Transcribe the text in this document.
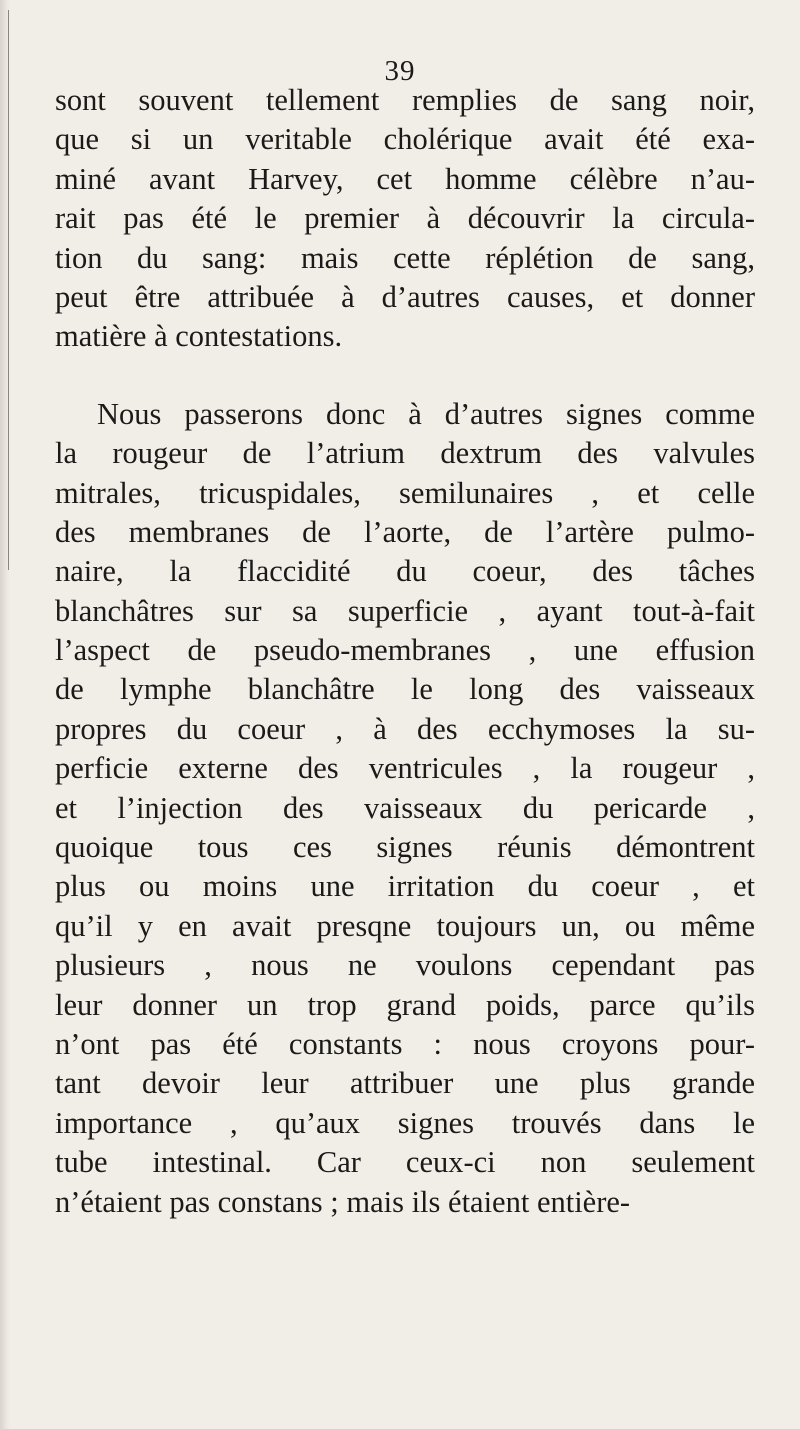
39
sont souvent tellement remplies de sang noir,
que si un veritable cholérique avait été exa-
miné avant Harvey, cet homme célèbre n’au-
rait pas été le premier à découvrir la circula-
tion du sang: mais cette réplétion de sang,
peut être attribuée à d’autres causes, et donner
matière à contestations.
Nous passerons donc à d’autres signes comme
la rougeur de l’atrium dextrum des valvules
mitrales, tricuspidales, semilunaires , et celle
des membranes de l’aorte, de l’artère pulmo-
naire, la flaccidité du coeur, des tâches
blanchâtres sur sa superficie , ayant tout-à-fait
l’aspect de pseudo-membranes , une effusion
de lymphe blanchâtre le long des vaisseaux
propres du coeur , à des ecchymoses la su-
perficie externe des ventricules , la rougeur ,
et l’injection des vaisseaux du pericarde ,
quoique tous ces signes réunis démontrent
plus ou moins une irritation du coeur , et
qu’il y en avait presqne toujours un, ou même
plusieurs , nous ne voulons cependant pas
leur donner un trop grand poids, parce qu’ils
n’ont pas été constants : nous croyons pour-
tant devoir leur attribuer une plus grande
importance , qu’aux signes trouvés dans le
tube intestinal. Car ceux-ci non seulement
n’étaient pas constans ; mais ils étaient entière-
